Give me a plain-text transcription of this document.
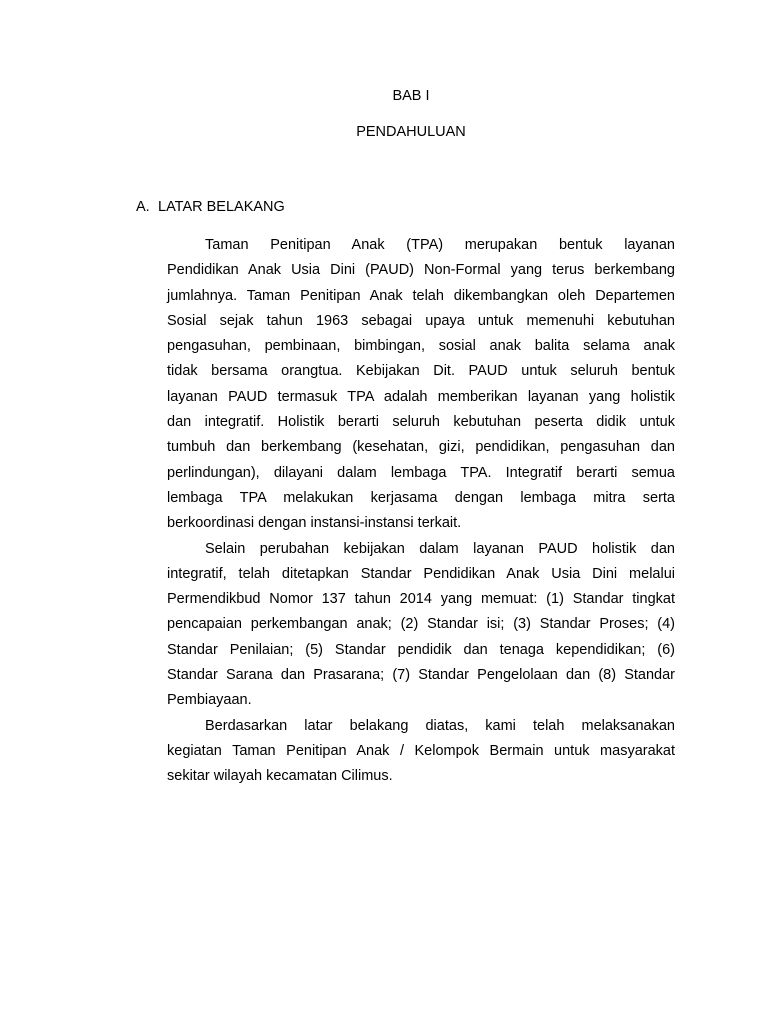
BAB I
PENDAHULUAN
A. LATAR BELAKANG

Taman Penitipan Anak (TPA) merupakan bentuk layanan
Pendidikan Anak Usia Dini (PAUD) Non-Formal yang terus berkembang
jumlahnya. Taman Penitipan Anak telah dikembangkan oleh Departemen
Sosial sejak tahun 1963 sebagai upaya untuk memenuhi kebutuhan
pengasuhan, pembinaan, bimbingan, sosial anak balita selama anak
tidak bersama orangtua. Kebijakan Dit. PAUD untuk seluruh bentuk
layanan PAUD termasuk TPA adalah memberikan layanan yang holistik
dan integratif. Holistik berarti seluruh kebutuhan peserta didik untuk
tumbuh dan berkembang (kesehatan, gizi, pendidikan, pengasuhan dan
perlindungan), dilayani dalam lembaga TPA. Integratif berarti semua
lembaga TPA melakukan kerjasama dengan lembaga mitra serta
berkoordinasi dengan instansi-instansi terkait.

Selain perubahan kebijakan dalam layanan PAUD holistik dan
integratif, telah ditetapkan Standar Pendidikan Anak Usia Dini melalui
Permendikbud Nomor 137 tahun 2014 yang memuat: (1) Standar tingkat
pencapaian perkembangan anak; (2) Standar isi; (3) Standar Proses; (4)
Standar Penilaian; (5) Standar pendidik dan tenaga kependidikan; (6)
Standar Sarana dan Prasarana; (7) Standar Pengelolaan dan (8) Standar
Pembiayaan.

Berdasarkan latar belakang diatas, kami telah melaksanakan
kegiatan Taman Penitipan Anak / Kelompok Bermain untuk masyarakat
sekitar wilayah kecamatan Cilimus.
